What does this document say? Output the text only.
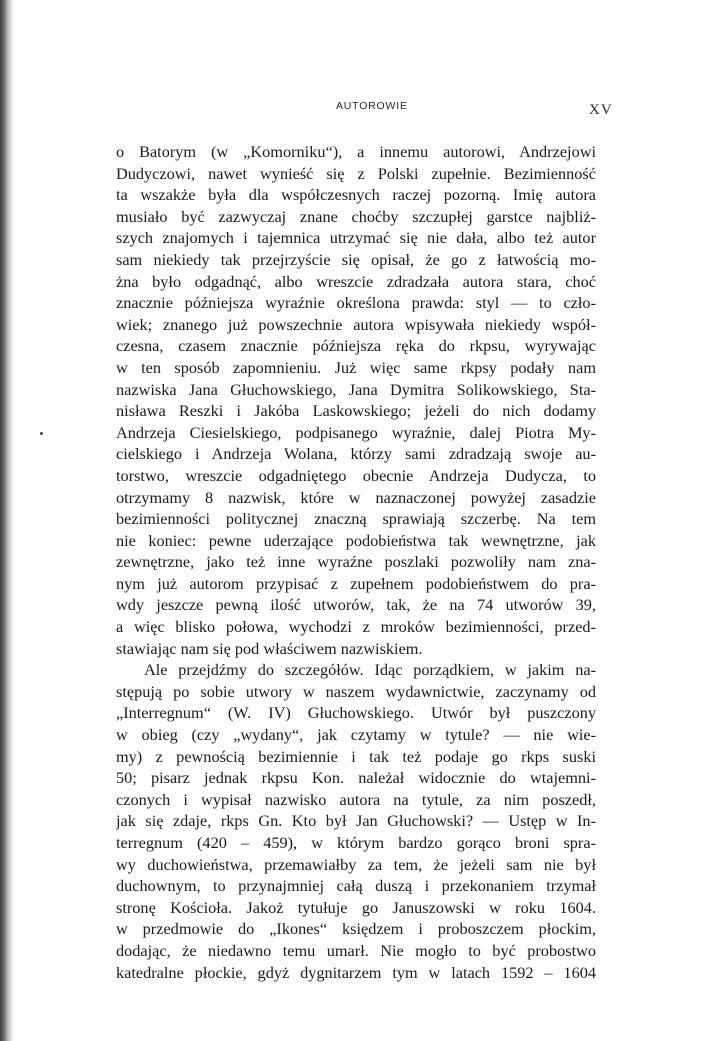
AUTOROWIE	XV
o Batorym (w „Komorniku“), a innemu autorowi, Andrzejowi
Dudyczowi, nawet wynieść się z Polski zupełnie. Bezimienność
ta wszakże była dla współczesnych raczej pozorną. Imię autora
musiało być zazwyczaj znane choćby szczupłej garstce najbliż-
szych znajomych i tajemnica utrzymać się nie dała, albo też autor
sam niekiedy tak przejrzyście się opisał, że go z łatwością mo-
żna było odgadnąć, albo wreszcie zdradzała autora stara, choć
znacznie późniejsza wyraźnie określona prawda: styl — to czło-
wiek; znanego już powszechnie autora wpisywała niekiedy współ-
czesna, czasem znacznie późniejsza ręka do rkpsu, wyrywając
w ten sposób zapomnieniu. Już więc same rkpsy podały nam
nazwiska Jana Głuchowskiego, Jana Dymitra Solikowskiego, Sta-
nisława Reszki i Jakóba Laskowskiego; jeżeli do nich dodamy
Andrzeja Ciesielskiego, podpisanego wyraźnie, dalej Piotra My-
cielskiego i Andrzeja Wolana, którzy sami zdradzają swoje au-
torstwo, wreszcie odgadniętego obecnie Andrzeja Dudycza, to
otrzymamy 8 nazwisk, które w naznaczonej powyżej zasadzie
bezimienności politycznej znaczną sprawiają szczerbę. Na tem
nie koniec: pewne uderzające podobieństwa tak wewnętrzne, jak
zewnętrzne, jako też inne wyraźne poszlaki pozwoliły nam zna-
nym już autorom przypisać z zupełnem podobieństwem do pra-
wdy jeszcze pewną ilość utworów, tak, że na 74 utworów 39,
a więc blisko połowa, wychodzi z mroków bezimienności, przed-
stawiając nam się pod właściwem nazwiskiem.
Ale przejdźmy do szczegółów. Idąc porządkiem, w jakim na-
stępują po sobie utwory w naszem wydawnictwie, zaczynamy od
„Interregnum“ (W. IV) Głuchowskiego. Utwór był puszczony
w obieg (czy „wydany“, jak czytamy w tytule? — nie wie-
my) z pewnością bezimiennie i tak też podaje go rkps suski
50; pisarz jednak rkpsu Kon. należał widocznie do wtajemni-
czonych i wypisał nazwisko autora na tytule, za nim poszedł,
jak się zdaje, rkps Gn. Kto był Jan Głuchowski? — Ustęp w In-
terregnum (420 – 459), w którym bardzo gorąco broni spra-
wy duchowieństwa, przemawiałby za tem, że jeżeli sam nie był
duchownym, to przynajmniej całą duszą i przekonaniem trzymał
stronę Kościoła. Jakoż tytułuje go Januszowski w roku 1604.
w przedmowie do „Ikones“ księdzem i proboszczem płockim,
dodając, że niedawno temu umarł. Nie mogło to być probostwo
katedralne płockie, gdyż dygnitarzem tym w latach 1592 – 1604
